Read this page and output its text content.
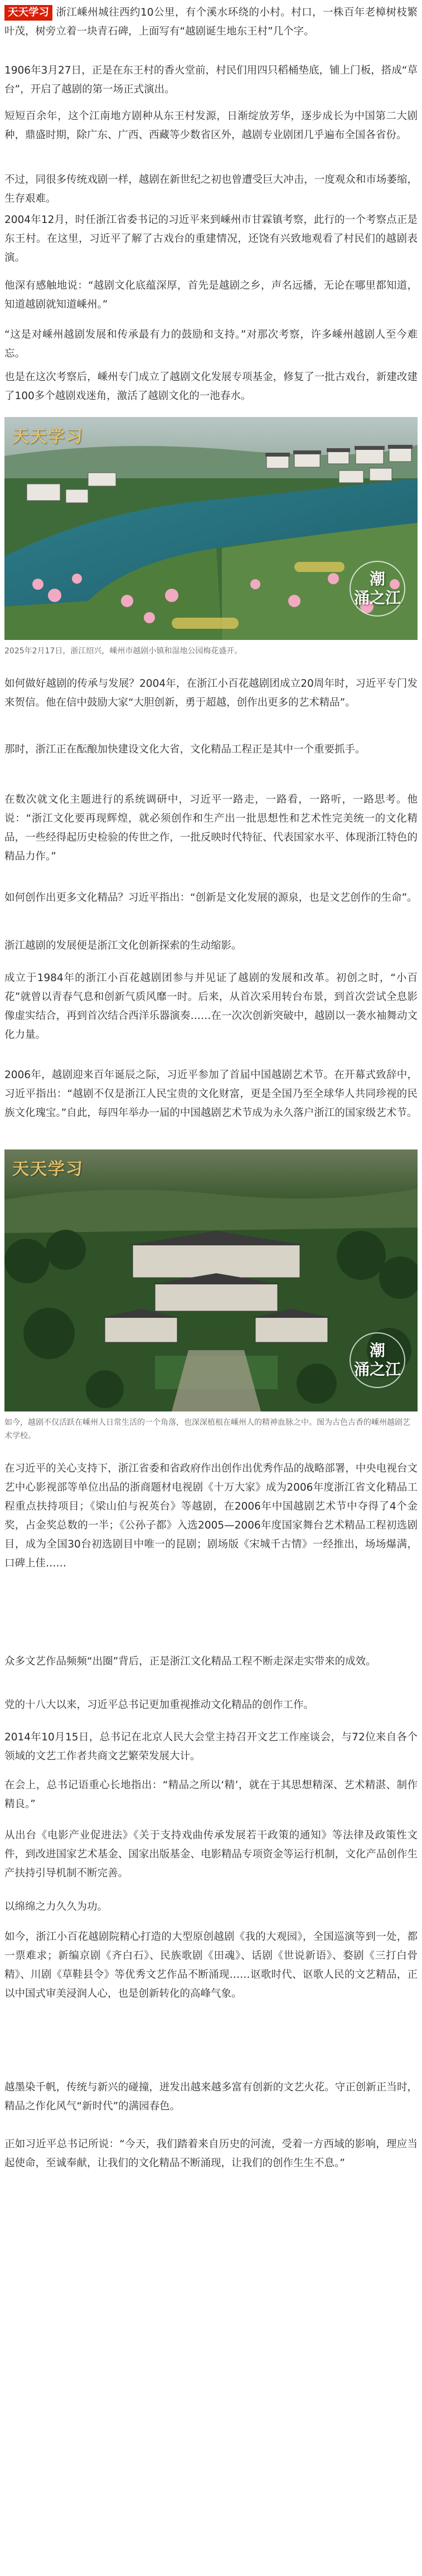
天天学习 浙江嵊州城往西约10公里，有个溪水环绕的小村。村口，一株百年老樟树枝繁叶茂，树旁立着一块青石碑，上面写有“越剧诞生地东王村”几个字。

1906年3月27日，正是在东王村的香火堂前，村民们用四只稻桶垫底，铺上门板，搭成“草台”，开启了越剧的第一场正式演出。

短短百余年，这个江南地方剧种从东王村发源，日渐绽放芳华，逐步成长为中国第二大剧种，鼎盛时期，除广东、广西、西藏等少数省区外，越剧专业剧团几乎遍布全国各省份。

不过，同很多传统戏剧一样，越剧在新世纪之初也曾遭受巨大冲击，一度观众和市场萎缩，生存艰难。

2004年12月，时任浙江省委书记的习近平来到嵊州市甘霖镇考察，此行的一个考察点正是东王村。在这里，习近平了解了古戏台的重建情况，还饶有兴致地观看了村民们的越剧表演。

他深有感触地说：“越剧文化底蕴深厚，首先是越剧之乡，声名远播，无论在哪里都知道，知道越剧就知道嵊州。”

“这是对嵊州越剧发展和传承最有力的鼓励和支持。”对那次考察，许多嵊州越剧人至今难忘。

也是在这次考察后，嵊州专门成立了越剧文化发展专项基金，修复了一批古戏台，新建改建了100多个越剧戏迷角，激活了越剧文化的一池春水。

天天学习
潮
涌之江

2025年2月17日，浙江绍兴，嵊州市越剧小镇和湿地公园梅花盛开。

如何做好越剧的传承与发展？2004年，在浙江小百花越剧团成立20周年时，习近平专门发来贺信。他在信中鼓励大家“大胆创新，勇于超越，创作出更多的艺术精品”。

那时，浙江正在酝酿加快建设文化大省，文化精品工程正是其中一个重要抓手。

在数次就文化主题进行的系统调研中，习近平一路走，一路看，一路听，一路思考。他说：“浙江文化要再现辉煌，就必须创作和生产出一批思想性和艺术性完美统一的文化精品，一些经得起历史检验的传世之作，一批反映时代特征、代表国家水平、体现浙江特色的精品力作。”

如何创作出更多文化精品？习近平指出：“创新是文化发展的源泉，也是文艺创作的生命”。

浙江越剧的发展便是浙江文化创新探索的生动缩影。

成立于1984年的浙江小百花越剧团参与并见证了越剧的发展和改革。初创之时，“小百花”就曾以青春气息和创新气质风靡一时。后来，从首次采用转台布景，到首次尝试全息影像虚实结合，再到首次结合西洋乐器演奏……在一次次创新突破中，越剧以一袭水袖舞动文化力量。

2006年，越剧迎来百年诞辰之际，习近平参加了首届中国越剧艺术节。在开幕式致辞中，习近平指出：“越剧不仅是浙江人民宝贵的文化财富，更是全国乃至全球华人共同珍视的民族文化瑰宝。”自此，每四年举办一届的中国越剧艺术节成为永久落户浙江的国家级艺术节。

天天学习
潮
涌之江

如今，越剧不仅活跃在嵊州人日常生活的一个角落，也深深植根在嵊州人的精神血脉之中。图为古色古香的嵊州越剧艺术学校。

在习近平的关心支持下，浙江省委和省政府作出创作出优秀作品的战略部署，中央电视台文艺中心影视部等单位出品的浙商题材电视剧《十万大家》成为2006年度浙江省文化精品工程重点扶持项目；《梁山伯与祝英台》等越剧，在2006年中国越剧艺术节中夺得了4个金奖，占金奖总数的一半；《公孙子都》入选2005—2006年度国家舞台艺术精品工程初选剧目，成为全国30台初选剧目中唯一的昆剧；剧场版《宋城千古情》一经推出，场场爆满，口碑上佳……

众多文艺作品频频“出圈”背后，正是浙江文化精品工程不断走深走实带来的成效。

党的十八大以来，习近平总书记更加重视推动文化精品的创作工作。

2014年10月15日，总书记在北京人民大会堂主持召开文艺工作座谈会，与72位来自各个领域的文艺工作者共商文艺繁荣发展大计。

在会上，总书记语重心长地指出：“精品之所以‘精’，就在于其思想精深、艺术精湛、制作精良。”

从出台《电影产业促进法》《关于支持戏曲传承发展若干政策的通知》等法律及政策性文件，到改进国家艺术基金、国家出版基金、电影精品专项资金等运行机制，文化产品创作生产扶持引导机制不断完善。

以绵绵之力久久为功。

如今，浙江小百花越剧院精心打造的大型原创越剧《我的大观园》，全国巡演等到一处，都一票难求；新编京剧《齐白石》、民族歌剧《田魂》、话剧《世说新语》、婺剧《三打白骨精》、川剧《草鞋县令》等优秀文艺作品不断涌现……讴歌时代、讴歌人民的文艺精品，正以中国式审美浸润人心，也是创新转化的高峰气象。

越墨染千帆，传统与新兴的碰撞，迸发出越来越多富有创新的文艺火花。守正创新正当时，精品之作化风气“新时代”的满园春色。

正如习近平总书记所说：“今天，我们踏着来自历史的河流，受着一方西域的影响，理应当起使命，至诚奉献，让我们的文化精品不断涌现，让我们的创作生生不息。”
